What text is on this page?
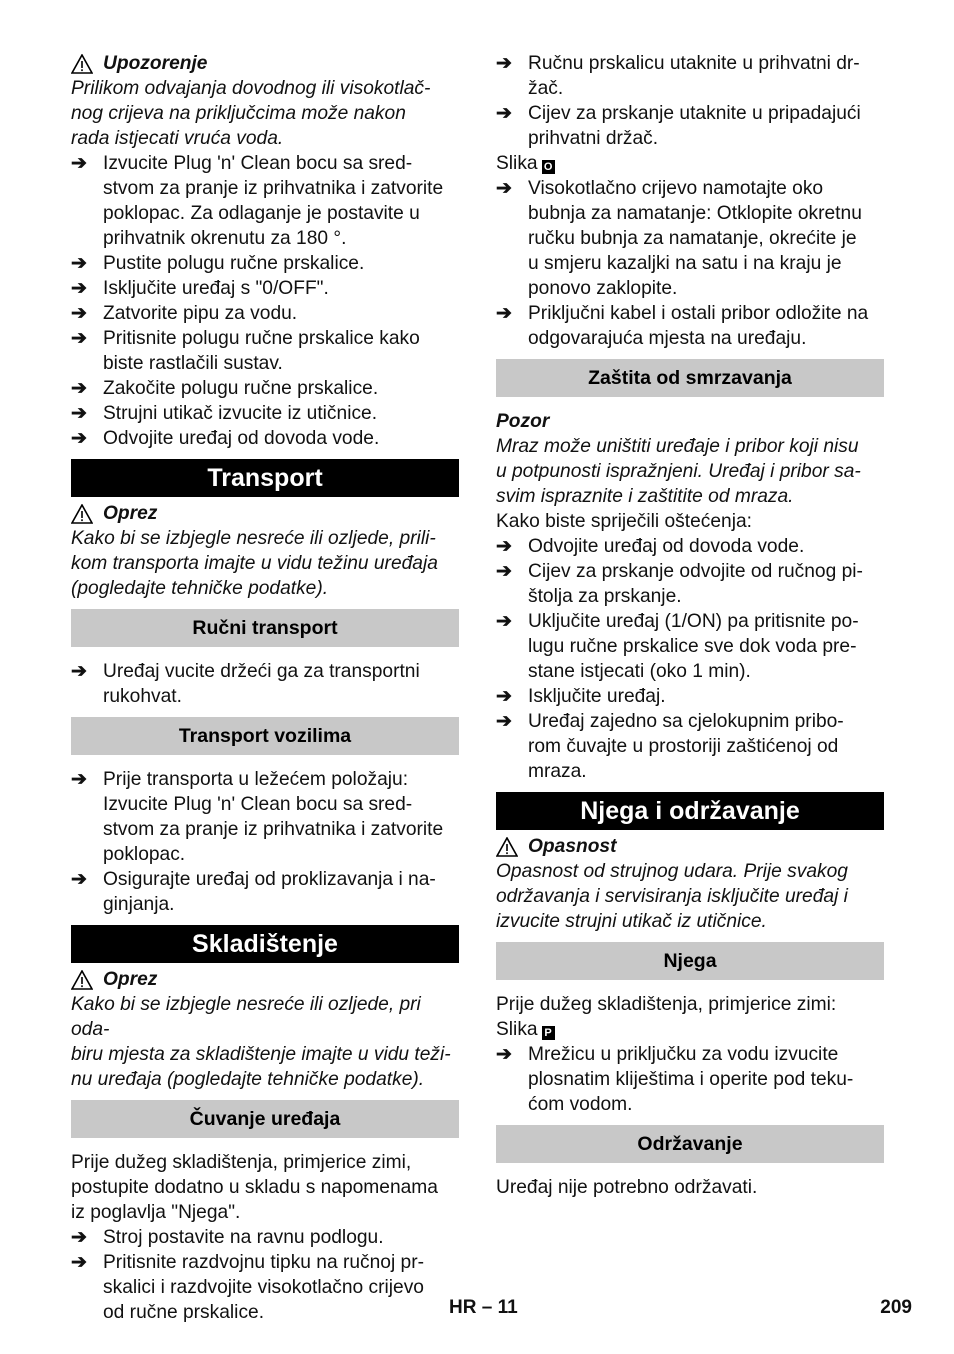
Upozorenje
Prilikom odvajanja dovodnog ili visokotlač-
nog crijeva na priključcima može nakon
rada istjecati vruća voda.
➔ Izvucite Plug 'n' Clean bocu sa sred-
stvom za pranje iz prihvatnika i zatvorite
poklopac. Za odlaganje je postavite u
prihvatnik okrenutu za 180 °.
➔ Pustite polugu ručne prskalice.
➔ Isključite uređaj s "0/OFF".
➔ Zatvorite pipu za vodu.
➔ Pritisnite polugu ručne prskalice kako
biste rastlačili sustav.
➔ Zakočite polugu ručne prskalice.
➔ Strujni utikač izvucite iz utičnice.
➔ Odvojite uređaj od dovoda vode.
Transport
Oprez
Kako bi se izbjegle nesreće ili ozljede, prili-
kom transporta imajte u vidu težinu uređaja
(pogledajte tehničke podatke).
Ručni transport
➔ Uređaj vucite držeći ga za transportni
rukohvat.
Transport vozilima
➔ Prije transporta u ležećem položaju:
Izvucite Plug 'n' Clean bocu sa sred-
stvom za pranje iz prihvatnika i zatvorite
poklopac.
➔ Osigurajte uređaj od proklizavanja i na-
ginjanja.
Skladištenje
Oprez
Kako bi se izbjegle nesreće ili ozljede, pri oda-
biru mjesta za skladištenje imajte u vidu teži-
nu uređaja (pogledajte tehničke podatke).
Čuvanje uređaja
Prije dužeg skladištenja, primjerice zimi,
postupite dodatno u skladu s napomenama
iz poglavlja "Njega".
➔ Stroj postavite na ravnu podlogu.
➔ Pritisnite razdvojnu tipku na ručnoj pr-
skalici i razdvojite visokotlačno crijevo
od ručne prskalice.
➔ Ručnu prskalicu utaknite u prihvatni dr-
žač.
➔ Cijev za prskanje utaknite u pripadajući
prihvatni držač.
Slika O
➔ Visokotlačno crijevo namotajte oko
bubnja za namatanje: Otklopite okretnu
ručku bubnja za namatanje, okrećite je
u smjeru kazaljki na satu i na kraju je
ponovo zaklopite.
➔ Priključni kabel i ostali pribor odložite na
odgovarajuća mjesta na uređaju.
Zaštita od smrzavanja
Pozor
Mraz može uništiti uređaje i pribor koji nisu
u potpunosti ispražnjeni. Uređaj i pribor sa-
svim ispraznite i zaštitite od mraza.
Kako biste spriječili oštećenja:
➔ Odvojite uređaj od dovoda vode.
➔ Cijev za prskanje odvojite od ručnog pi-
štolja za prskanje.
➔ Uključite uređaj (1/ON) pa pritisnite po-
lugu ručne prskalice sve dok voda pre-
stane istjecati (oko 1 min).
➔ Isključite uređaj.
➔ Uređaj zajedno sa cjelokupnim pribo-
rom čuvajte u prostoriji zaštićenoj od
mraza.
Njega i održavanje
Opasnost
Opasnost od strujnog udara. Prije svakog
održavanja i servisiranja isključite uređaj i
izvucite strujni utikač iz utičnice.
Njega
Prije dužeg skladištenja, primjerice zimi:
Slika P
➔ Mrežicu u priključku za vodu izvucite
plosnatim kliještima i operite pod teku-
ćom vodom.
Održavanje
Uređaj nije potrebno održavati.
HR – 11	209
